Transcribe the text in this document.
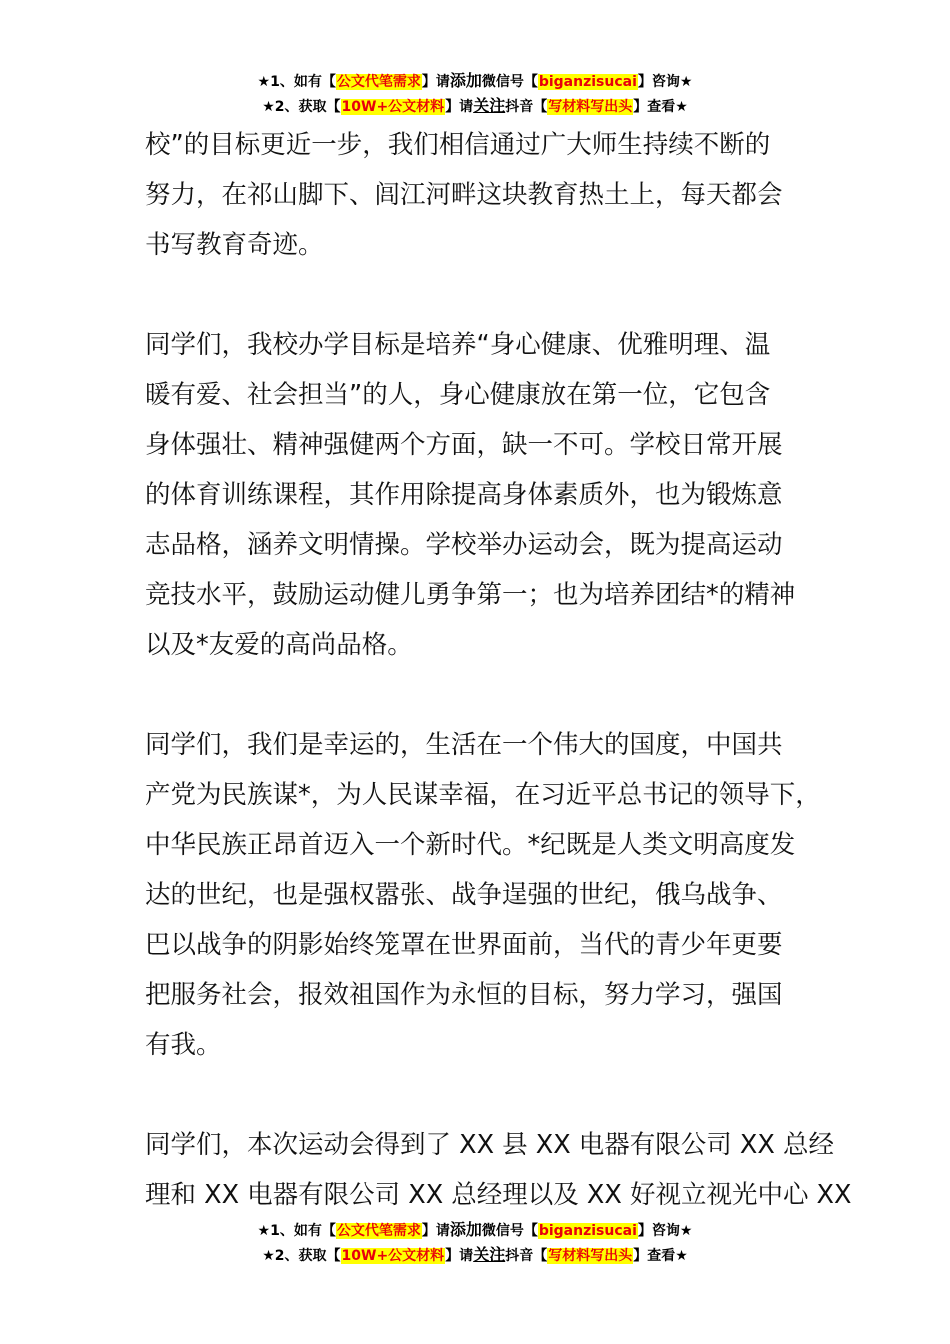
★1、如有【公文代笔需求】请添加微信号【biganzisucai】咨询★
★2、获取【10W+公文材料】请关注抖音【写材料写出头】查看★
校”的目标更近一步，我们相信通过广大师生持续不断的
努力，在祁山脚下、闾江河畔这块教育热土上，每天都会
书写教育奇迹。
同学们，我校办学目标是培养“身心健康、优雅明理、温
暖有爱、社会担当”的人，身心健康放在第一位，它包含
身体强壮、精神强健两个方面，缺一不可。学校日常开展
的体育训练课程，其作用除提高身体素质外，也为锻炼意
志品格，涵养文明情操。学校举办运动会，既为提高运动
竞技水平，鼓励运动健儿勇争第一；也为培养团结*的精神
以及*友爱的高尚品格。
同学们，我们是幸运的，生活在一个伟大的国度，中国共
产党为民族谋*，为人民谋幸福，在习近平总书记的领导下，
中华民族正昂首迈入一个新时代。*纪既是人类文明高度发
达的世纪，也是强权嚣张、战争逞强的世纪，俄乌战争、
巴以战争的阴影始终笼罩在世界面前，当代的青少年更要
把服务社会，报效祖国作为永恒的目标，努力学习，强国
有我。
同学们，本次运动会得到了 XX 县 XX 电器有限公司 XX 总经
理和 XX 电器有限公司 XX 总经理以及 XX 好视立视光中心 XX
★1、如有【公文代笔需求】请添加微信号【biganzisucai】咨询★
★2、获取【10W+公文材料】请关注抖音【写材料写出头】查看★
